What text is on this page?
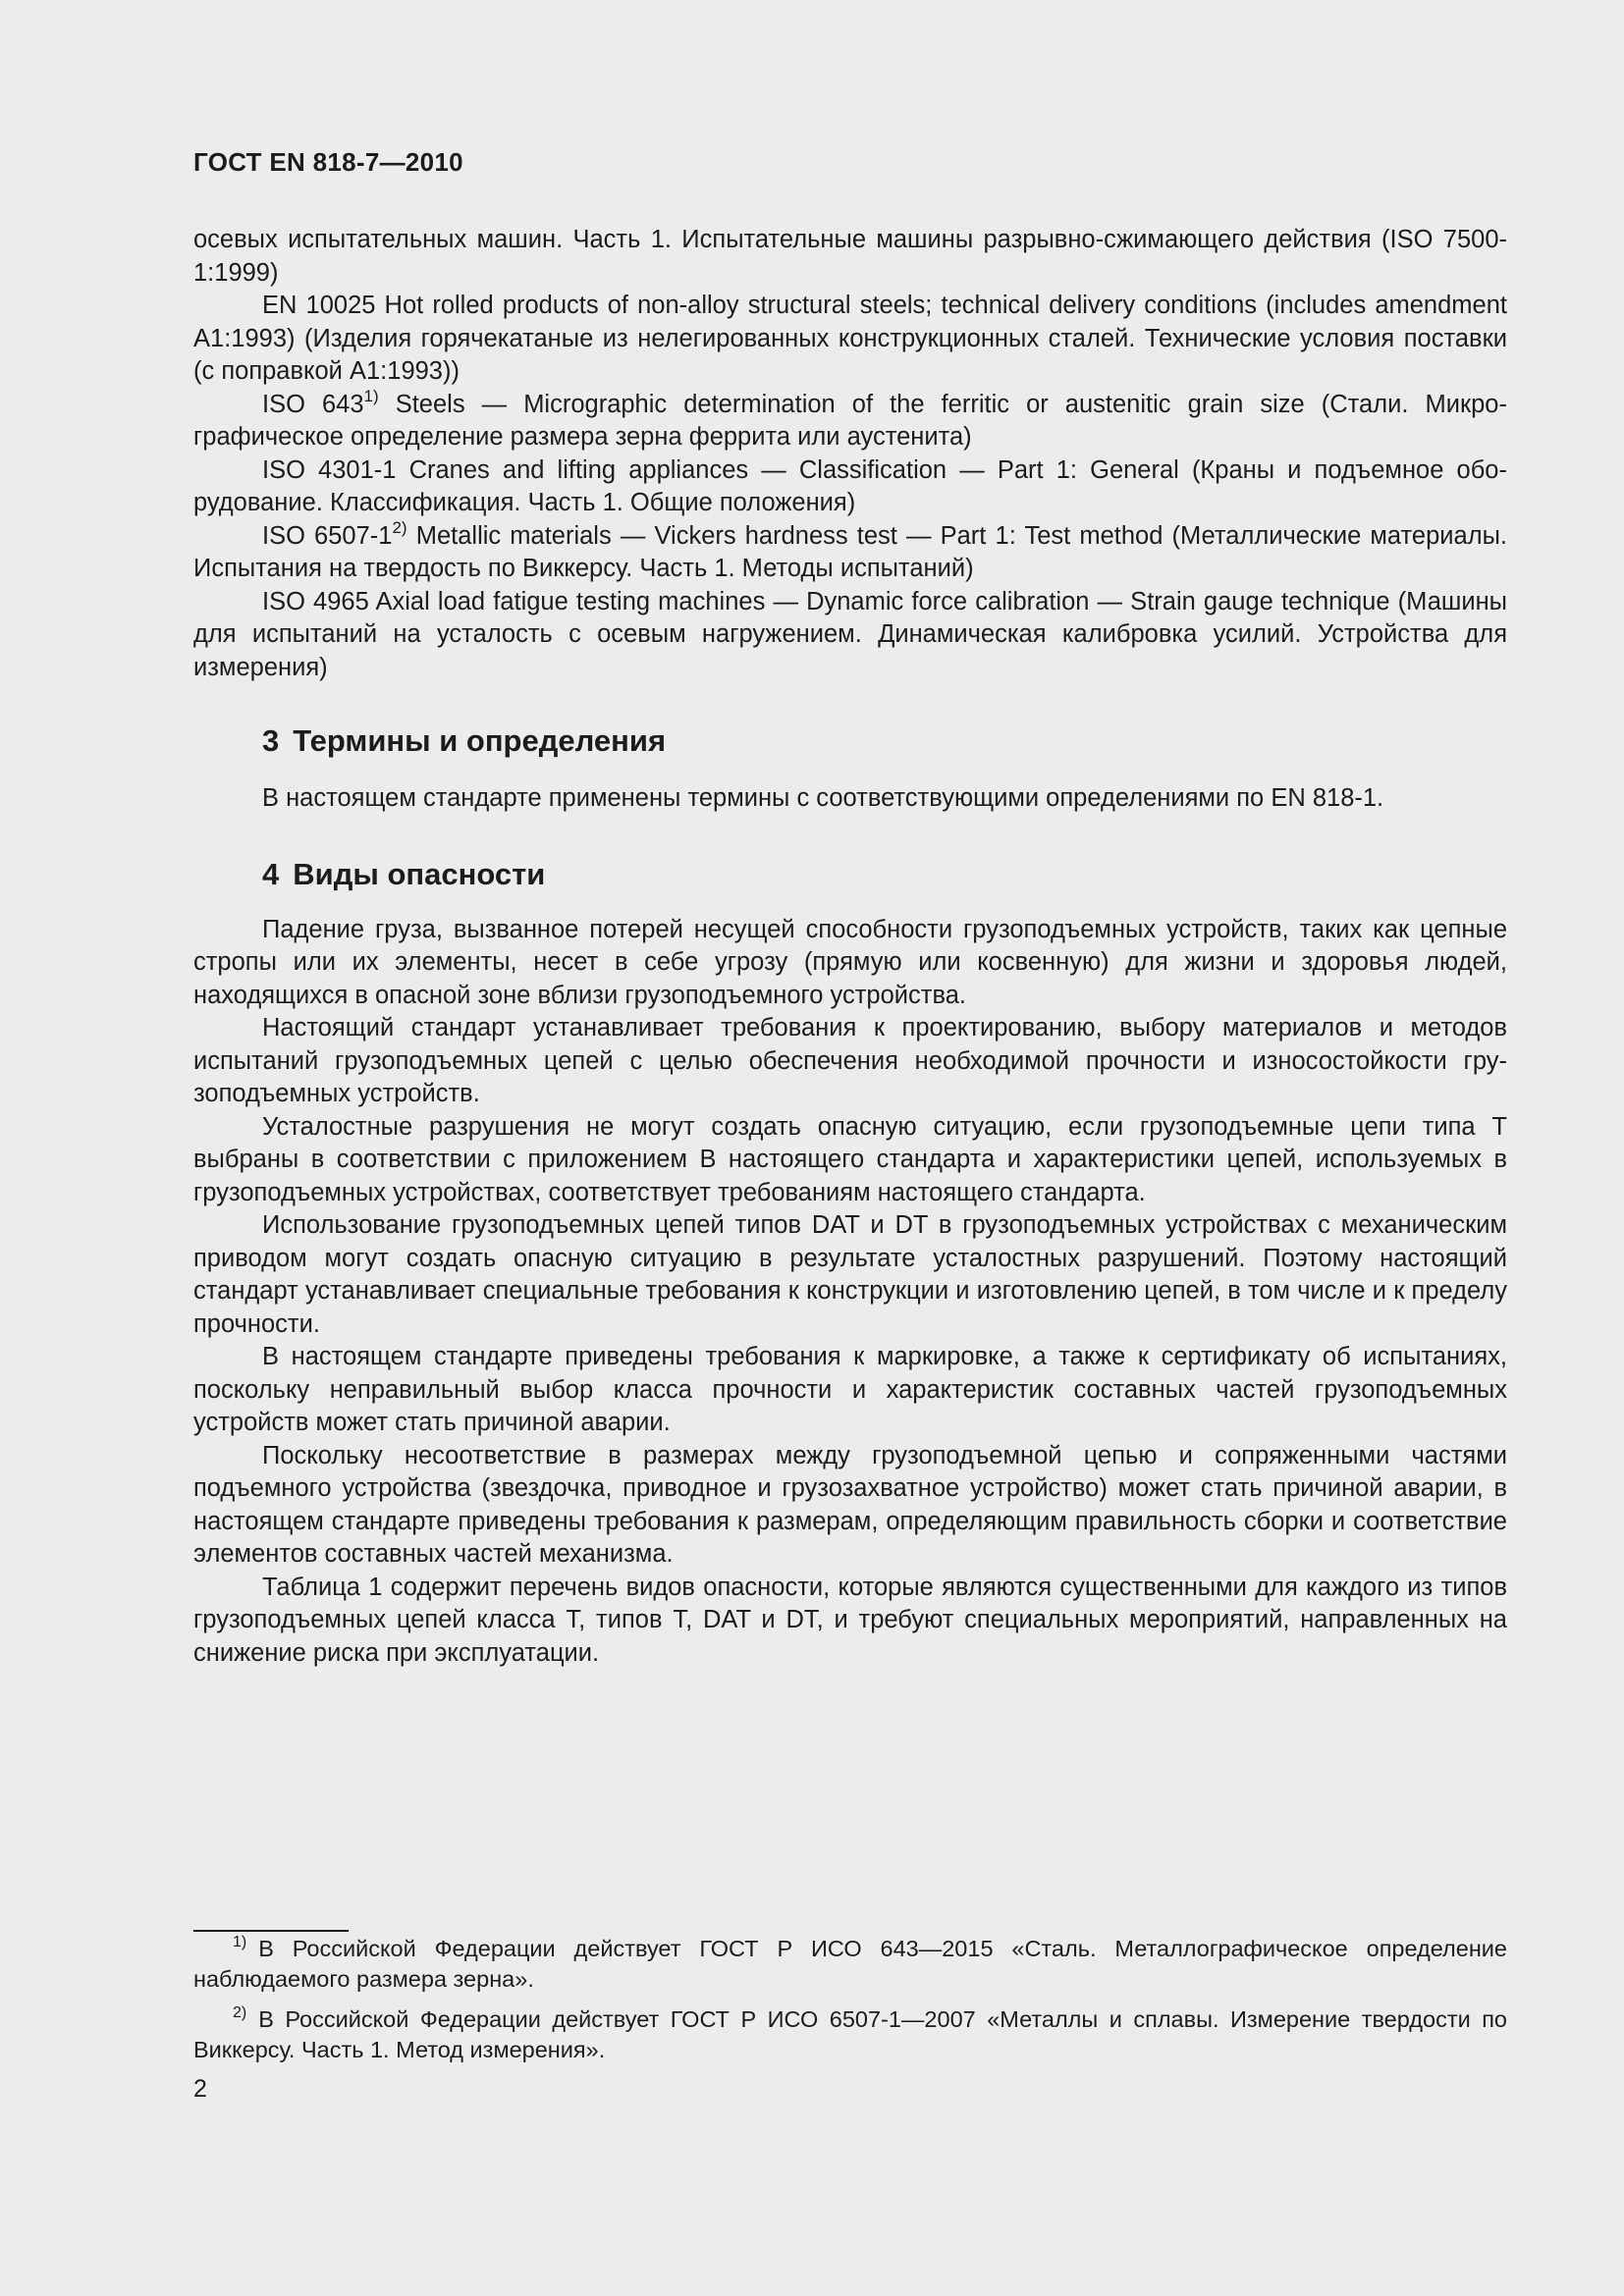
ГОСТ EN 818-7—2010

осевых испытательных машин. Часть 1. Испытательные машины разрывно-сжимающего действия (ISO 7500-1:1999)

EN 10025 Hot rolled products of non-alloy structural steels; technical delivery conditions (includes amendment A1:1993) (Изделия горячекатаные из нелегированных конструкционных сталей. Технические условия поставки (с поправкой A1:1993))

ISO 643$^{1)}$ Steels — Micrographic determination of the ferritic or austenitic grain size (Стали. Микрографическое определение размера зерна феррита или аустенита)

ISO 4301-1 Cranes and lifting appliances — Classification — Part 1: General (Краны и подъемное оборудование. Классификация. Часть 1. Общие положения)

ISO 6507-1$^{2)}$ Metallic materials — Vickers hardness test — Part 1: Test method (Металлические материалы. Испытания на твердость по Виккерсу. Часть 1. Методы испытаний)

ISO 4965 Axial load fatigue testing machines — Dynamic force calibration — Strain gauge technique (Машины для испытаний на усталость с осевым нагружением. Динамическая калибровка усилий. Устройства для измерения)

3 Термины и определения

В настоящем стандарте применены термины с соответствующими определениями по EN 818-1.

4 Виды опасности

Падение груза, вызванное потерей несущей способности грузоподъемных устройств, таких как цепные стропы или их элементы, несет в себе угрозу (прямую или косвенную) для жизни и здоровья людей, находящихся в опасной зоне вблизи грузоподъемного устройства.

Настоящий стандарт устанавливает требования к проектированию, выбору материалов и методов испытаний грузоподъемных цепей с целью обеспечения необходимой прочности и износостойкости грузоподъемных устройств.

Усталостные разрушения не могут создать опасную ситуацию, если грузоподъемные цепи типа T выбраны в соответствии с приложением B настоящего стандарта и характеристики цепей, используемых в грузоподъемных устройствах, соответствует требованиям настоящего стандарта.

Использование грузоподъемных цепей типов DAT и DT в грузоподъемных устройствах с механическим приводом могут создать опасную ситуацию в результате усталостных разрушений. Поэтому настоящий стандарт устанавливает специальные требования к конструкции и изготовлению цепей, в том числе и к пределу прочности.

В настоящем стандарте приведены требования к маркировке, а также к сертификату об испытаниях, поскольку неправильный выбор класса прочности и характеристик составных частей грузоподъемных устройств может стать причиной аварии.

Поскольку несоответствие в размерах между грузоподъемной цепью и сопряженными частями подъемного устройства (звездочка, приводное и грузозахватное устройство) может стать причиной аварии, в настоящем стандарте приведены требования к размерам, определяющим правильность сборки и соответствие элементов составных частей механизма.

Таблица 1 содержит перечень видов опасности, которые являются существенными для каждого из типов грузоподъемных цепей класса T, типов T, DAT и DT, и требуют специальных мероприятий, направленных на снижение риска при эксплуатации.

$^{1)}$ В Российской Федерации действует ГОСТ Р ИСО 643—2015 «Сталь. Металлографическое определение наблюдаемого размера зерна».

$^{2)}$ В Российской Федерации действует ГОСТ Р ИСО 6507-1—2007 «Металлы и сплавы. Измерение твердости по Виккерсу. Часть 1. Метод измерения».

2
